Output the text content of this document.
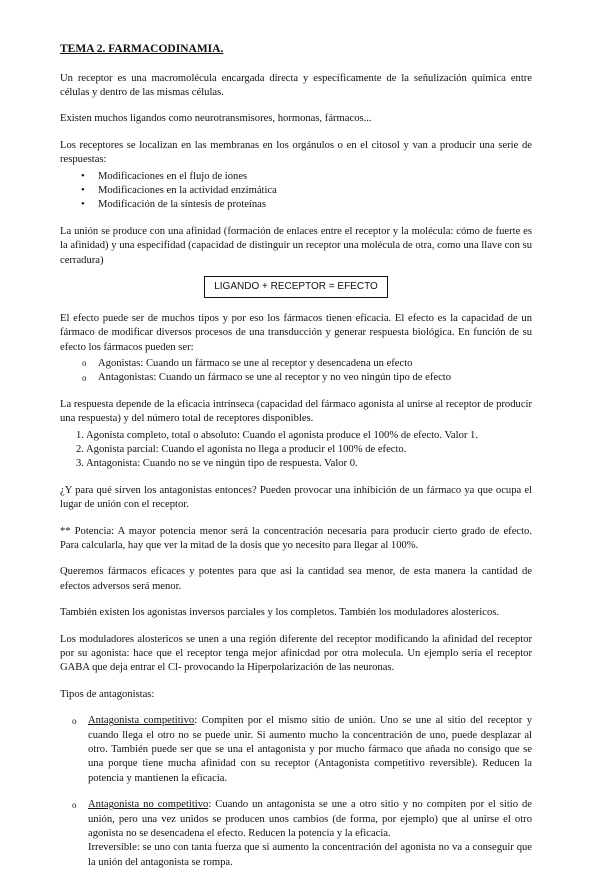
TEMA 2. FARMACODINAMIA.

Un receptor es una macromolécula encargada directa y específicamente de la señulización química entre células y dentro de las mismas células.

Existen muchos ligandos como neurotransmisores, hormonas, fármacos...

Los receptores se localizan en las membranas en los orgánulos o en el citosol y van a producir una serie de respuestas:

• Modificaciones en el flujo de iones
• Modificaciones en la actividad enzimática
• Modificación de la síntesis de proteínas

La unión se produce con una afinidad (formación de enlaces entre el receptor y la molécula: cómo de fuerte es la afinidad) y una especifidad (capacidad de distinguir un receptor una molécula de otra, como una llave con su cerradura)

LIGANDO + RECEPTOR = EFECTO

El efecto puede ser de muchos tipos y por eso los fármacos tienen eficacia. El efecto es la capacidad de un fármaco de modificar diversos procesos de una transducción y generar respuesta biológica. En función de su efecto los fármacos pueden ser:

o Agonistas: Cuando un fármaco se une al receptor y desencadena un efecto
o Antagonistas: Cuando un fármaco se une al receptor y no veo ningún tipo de efecto

La respuesta depende de la eficacia intrínseca (capacidad del fármaco agonista al unirse al receptor de producir una respuesta) y del número total de receptores disponibles.

1. Agonista completo, total o absoluto: Cuando el agonista produce el 100% de efecto. Valor 1.
2. Agonista parcial: Cuando el agonista no llega a producir el 100% de efecto.
3. Antagonista: Cuando no se ve ningún tipo de respuesta. Valor 0.

¿Y para qué sirven los antagonistas entonces? Pueden provocar una inhibición de un fármaco ya que ocupa el lugar de unión con el receptor.

** Potencia: A mayor potencia menor será la concentración necesaria para producir cierto grado de efecto. Para calcularla, hay que ver la mitad de la dosis que yo necesito para llegar al 100%.

Queremos fármacos eficaces y potentes para que asi la cantidad sea menor, de esta manera la cantidad de efectos adversos será menor.

También existen los agonistas inversos parciales y los completos. También los moduladores alostericos.

Los moduladores alostericos se unen a una región diferente del receptor modificando la afinidad del receptor por su agonista: hace que el receptor tenga mejor afinicdad por otra molecula. Un ejemplo sería el receptor GABA que deja entrar el Cl- provocando la Hiperpolarización de las neuronas.

Tipos de antagonistas:

o Antagonista competitivo: Compiten por el mismo sitio de unión. Uno se une al sitio del receptor y cuando llega el otro no se puede unir. Si aumento mucho la concentración de uno, puede desplazar al otro. También puede ser que se una el antagonista y por mucho fármaco que añada no consigo que se una porque tiene mucha afinidad con su receptor (Antagonista competitivo reversible). Reducen la potencia y mantienen la eficacia.
o Antagonista no competitivo: Cuando un antagonista se une a otro sitio y no compiten por el sitio de unión, pero una vez unidos se producen unos cambios (de forma, por ejemplo) que al unirse el otro agonista no se desencadena el efecto. Reducen la potencia y la eficacia.
Irreversible: se uno con tanta fuerza que si aumento la concentración del agonista no va a conseguir que la unión del antagonista se rompa.
